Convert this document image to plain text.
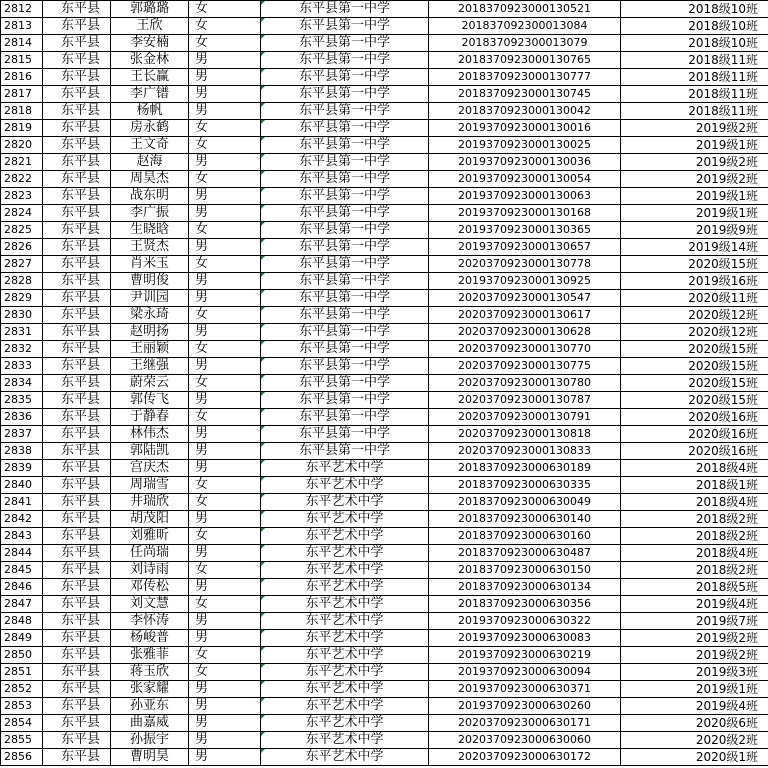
2812	东平县	郭璐璐	女	东平县第一中学	2018370923000130521	2018级10班
2813	东平县	王欣	女	东平县第一中学	201837092300013084	2018级10班
2814	东平县	李安楠	女	东平县第一中学	201837092300013079	2018级10班
2815	东平县	张金林	男	东平县第一中学	2018370923000130765	2018级11班
2816	东平县	王长赢	男	东平县第一中学	2018370923000130777	2018级11班
2817	东平县	李广镨	男	东平县第一中学	2018370923000130745	2018级11班
2818	东平县	杨帆	男	东平县第一中学	2018370923000130042	2018级11班
2819	东平县	房永鹤	女	东平县第一中学	2019370923000130016	2019级2班
2820	东平县	王文奇	女	东平县第一中学	2019370923000130025	2019级1班
2821	东平县	赵海	男	东平县第一中学	2019370923000130036	2019级2班
2822	东平县	周昊杰	女	东平县第一中学	2019370923000130054	2019级2班
2823	东平县	战东明	男	东平县第一中学	2019370923000130063	2019级1班
2824	东平县	李广振	男	东平县第一中学	2019370923000130168	2019级1班
2825	东平县	生晓晗	女	东平县第一中学	2019370923000130365	2019级9班
2826	东平县	王贤杰	男	东平县第一中学	2019370923000130657	2019级14班
2827	东平县	肖米玉	女	东平县第一中学	2020370923000130778	2020级15班
2828	东平县	曹明俊	男	东平县第一中学	2019370923000130925	2019级16班
2829	东平县	尹训园	男	东平县第一中学	2020370923000130547	2020级11班
2830	东平县	梁永琦	女	东平县第一中学	2020370923000130617	2020级12班
2831	东平县	赵明扬	男	东平县第一中学	2020370923000130628	2020级12班
2832	东平县	王丽颖	女	东平县第一中学	2020370923000130770	2020级15班
2833	东平县	王继强	男	东平县第一中学	2020370923000130775	2020级15班
2834	东平县	蔚荣云	女	东平县第一中学	2020370923000130780	2020级15班
2835	东平县	郭传飞	男	东平县第一中学	2020370923000130787	2020级15班
2836	东平县	于静春	女	东平县第一中学	2020370923000130791	2020级16班
2837	东平县	林伟杰	男	东平县第一中学	2020370923000130818	2020级16班
2838	东平县	郭陆凯	男	东平县第一中学	2020370923000130833	2020级16班
2839	东平县	宫庆杰	男	东平艺术中学	2018370923000630189	2018级4班
2840	东平县	周瑞雪	女	东平艺术中学	2018370923000630335	2018级1班
2841	东平县	井瑞欣	女	东平艺术中学	2018370923000630049	2018级4班
2842	东平县	胡茂阳	男	东平艺术中学	2018370923000630140	2018级2班
2843	东平县	刘雅昕	女	东平艺术中学	2018370923000630160	2018级2班
2844	东平县	任尚瑞	男	东平艺术中学	2018370923000630487	2018级4班
2845	东平县	刘诗雨	女	东平艺术中学	2018370923000630150	2018级2班
2846	东平县	邓传松	男	东平艺术中学	2018370923000630134	2018级5班
2847	东平县	刘文慧	女	东平艺术中学	2018370923000630356	2019级4班
2848	东平县	李怀涛	男	东平艺术中学	2019370923000630322	2019级7班
2849	东平县	杨峻普	男	东平艺术中学	2019370923000630083	2019级2班
2850	东平县	张雅菲	女	东平艺术中学	2019370923000630219	2019级2班
2851	东平县	蒋玉欣	女	东平艺术中学	2019370923000630094	2019级3班
2852	东平县	张家耀	男	东平艺术中学	2019370923000630371	2019级1班
2853	东平县	孙亚东	男	东平艺术中学	2019370923000630260	2019级4班
2854	东平县	曲嘉威	男	东平艺术中学	2020370923000630171	2020级6班
2855	东平县	孙振宇	男	东平艺术中学	2020370923000630060	2020级2班
2856	东平县	曹明昊	男	东平艺术中学	2020370923000630172	2020级1班
